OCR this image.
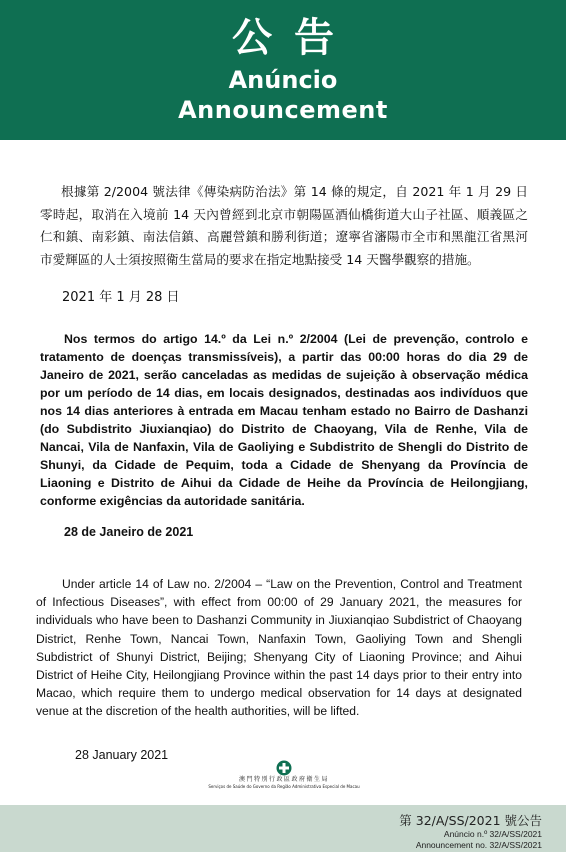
公告
Anúncio
Announcement

根據第 2/2004 號法律《傳染病防治法》第 14 條的規定，自 2021 年 1 月 29 日零時起，取消在入境前 14 天內曾經到北京市朝陽區酒仙橋街道大山子社區、順義區之仁和鎮、南彩鎮、南法信鎮、高麗營鎮和勝利街道；遼寧省瀋陽市全市和黑龍江省黑河市愛輝區的人士須按照衛生當局的要求在指定地點接受 14 天醫學觀察的措施。

2021 年 1 月 28 日

Nos termos do artigo 14.º da Lei n.º 2/2004 (Lei de prevenção, controlo e tratamento de doenças transmissíveis), a partir das 00:00 horas do dia 29 de Janeiro de 2021, serão canceladas as medidas de sujeição à observação médica por um período de 14 dias, em locais designados, destinadas aos indivíduos que nos 14 dias anteriores à entrada em Macau tenham estado no Bairro de Dashanzi (do Subdistrito Jiuxianqiao) do Distrito de Chaoyang, Vila de Renhe, Vila de Nancai, Vila de Nanfaxin, Vila de Gaoliying e Subdistrito de Shengli do Distrito de Shunyi, da Cidade de Pequim, toda a Cidade de Shenyang da Província de Liaoning e Distrito de Aihui da Cidade de Heihe da Província de Heilongjiang, conforme exigências da autoridade sanitária.

28 de Janeiro de 2021

Under article 14 of Law no. 2/2004 – “Law on the Prevention, Control and Treatment of Infectious Diseases”, with effect from 00:00 of 29 January 2021, the measures for individuals who have been to Dashanzi Community in Jiuxianqiao Subdistrict of Chaoyang District, Renhe Town, Nancai Town, Nanfaxin Town, Gaoliying Town and Shengli Subdistrict of Shunyi District, Beijing; Shenyang City of Liaoning Province; and Aihui District of Heihe City, Heilongjiang Province within the past 14 days prior to their entry into Macao, which require them to undergo medical observation for 14 days at designated venue at the discretion of the health authorities, will be lifted.

28 January 2021
澳門特別行政區政府衛生局
Serviços de Saúde do Governo da Região Administrativa Especial de Macau
第 32/A/SS/2021 號公告
Anúncio n.º 32/A/SS/2021
Announcement no. 32/A/SS/2021
